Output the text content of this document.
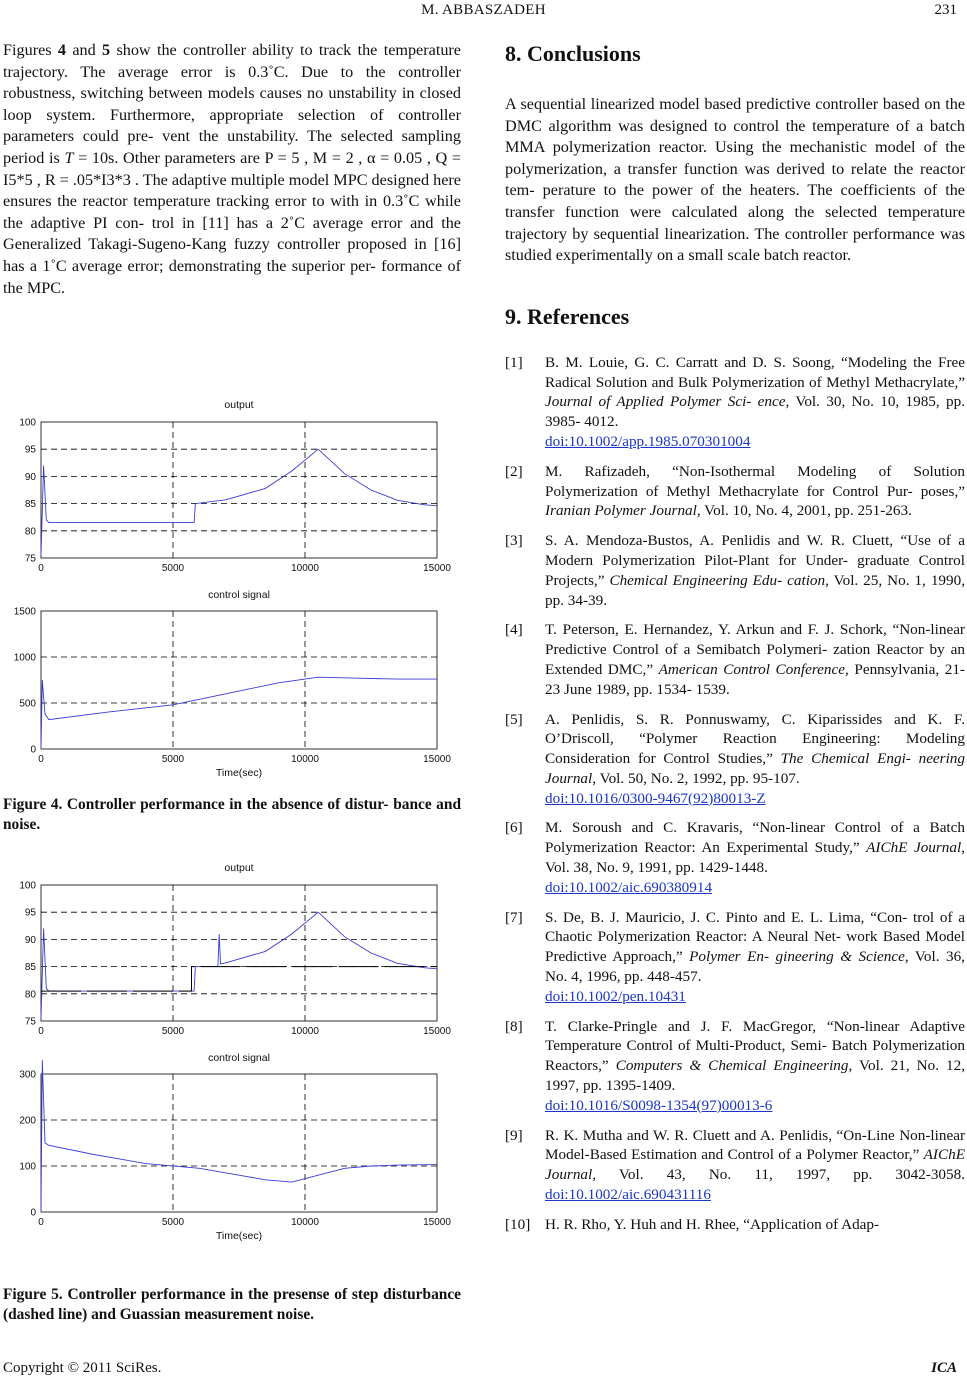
M. ABBASZADEH	231

Figures 4 and 5 show the controller ability to track the temperature trajectory. The average error is 0.3˚C. Due to the controller robustness, switching between models causes no unstability in closed loop system. Furthermore, appropriate selection of controller parameters could pre- vent the unstability. The selected sampling period is T = 10s. Other parameters are P = 5 , M = 2 , α = 0.05 , Q = I5*5 , R = .05*I3*3 . The adaptive multiple model MPC designed here ensures the reactor temperature tracking error to with in 0.3˚C while the adaptive PI con- trol in [11] has a 2˚C average error and the Generalized Takagi-Sugeno-Kang fuzzy controller proposed in [16] has a 1˚C average error; demonstrating the superior per- formance of the MPC.

0	5000	10000	15000
75
80
85
90
95
100
output
0	5000	10000	15000
0
500
1000
1500
control signal
Time(sec)
Figure 4. Controller performance in the absence of distur- bance and noise.
0	5000	10000	15000
75
80
85
90
95
100
output
0	5000	10000	15000
0
100
200
300
control signal
Time(sec)
Figure 5. Controller performance in the presense of step disturbance (dashed line) and Guassian measurement noise.
8. Conclusions

A sequential linearized model based predictive controller based on the DMC algorithm was designed to control the temperature of a batch MMA polymerization reactor. Using the mechanistic model of the polymerization, a transfer function was derived to relate the reactor tem- perature to the power of the heaters. The coefficients of the transfer function were calculated along the selected temperature trajectory by sequential linearization. The controller performance was studied experimentally on a small scale batch reactor.

9. References
[1] B. M. Louie, G. C. Carratt and D. S. Soong, “Modeling the Free Radical Solution and Bulk Polymerization of Methyl Methacrylate,” Journal of Applied Polymer Sci- ence, Vol. 30, No. 10, 1985, pp. 3985- 4012.
doi:10.1002/app.1985.070301004
[2] M. Rafizadeh, “Non-Isothermal Modeling of Solution Polymerization of Methyl Methacrylate for Control Pur- poses,” Iranian Polymer Journal, Vol. 10, No. 4, 2001, pp. 251-263.
[3] S. A. Mendoza-Bustos, A. Penlidis and W. R. Cluett, “Use of a Modern Polymerization Pilot-Plant for Under- graduate Control Projects,” Chemical Engineering Edu- cation, Vol. 25, No. 1, 1990, pp. 34-39.
[4] T. Peterson, E. Hernandez, Y. Arkun and F. J. Schork, “Non-linear Predictive Control of a Semibatch Polymeri- zation Reactor by an Extended DMC,” American Control Conference, Pennsylvania, 21-23 June 1989, pp. 1534- 1539.
[5] A. Penlidis, S. R. Ponnuswamy, C. Kiparissides and K. F. O’Driscoll, “Polymer Reaction Engineering: Modeling Consideration for Control Studies,” The Chemical Engi- neering Journal, Vol. 50, No. 2, 1992, pp. 95-107.
doi:10.1016/0300-9467(92)80013-Z
[6] M. Soroush and C. Kravaris, “Non-linear Control of a Batch Polymerization Reactor: An Experimental Study,” AIChE Journal, Vol. 38, No. 9, 1991, pp. 1429-1448.
doi:10.1002/aic.690380914
[7] S. De, B. J. Mauricio, J. C. Pinto and E. L. Lima, “Con- trol of a Chaotic Polymerization Reactor: A Neural Net- work Based Model Predictive Approach,” Polymer En- gineering & Science, Vol. 36, No. 4, 1996, pp. 448-457.
doi:10.1002/pen.10431
[8] T. Clarke-Pringle and J. F. MacGregor, “Non-linear Adaptive Temperature Control of Multi-Product, Semi- Batch Polymerization Reactors,” Computers & Chemical Engineering, Vol. 21, No. 12, 1997, pp. 1395-1409.
doi:10.1016/S0098-1354(97)00013-6
[9] R. K. Mutha and W. R. Cluett and A. Penlidis, “On-Line Non-linear Model-Based Estimation and Control of a Polymer Reactor,” AIChE Journal, Vol. 43, No. 11, 1997, pp. 3042-3058. doi:10.1002/aic.690431116
[10] H. R. Rho, Y. Huh and H. Rhee, “Application of Adap-
Copyright © 2011 SciRes.	ICA
